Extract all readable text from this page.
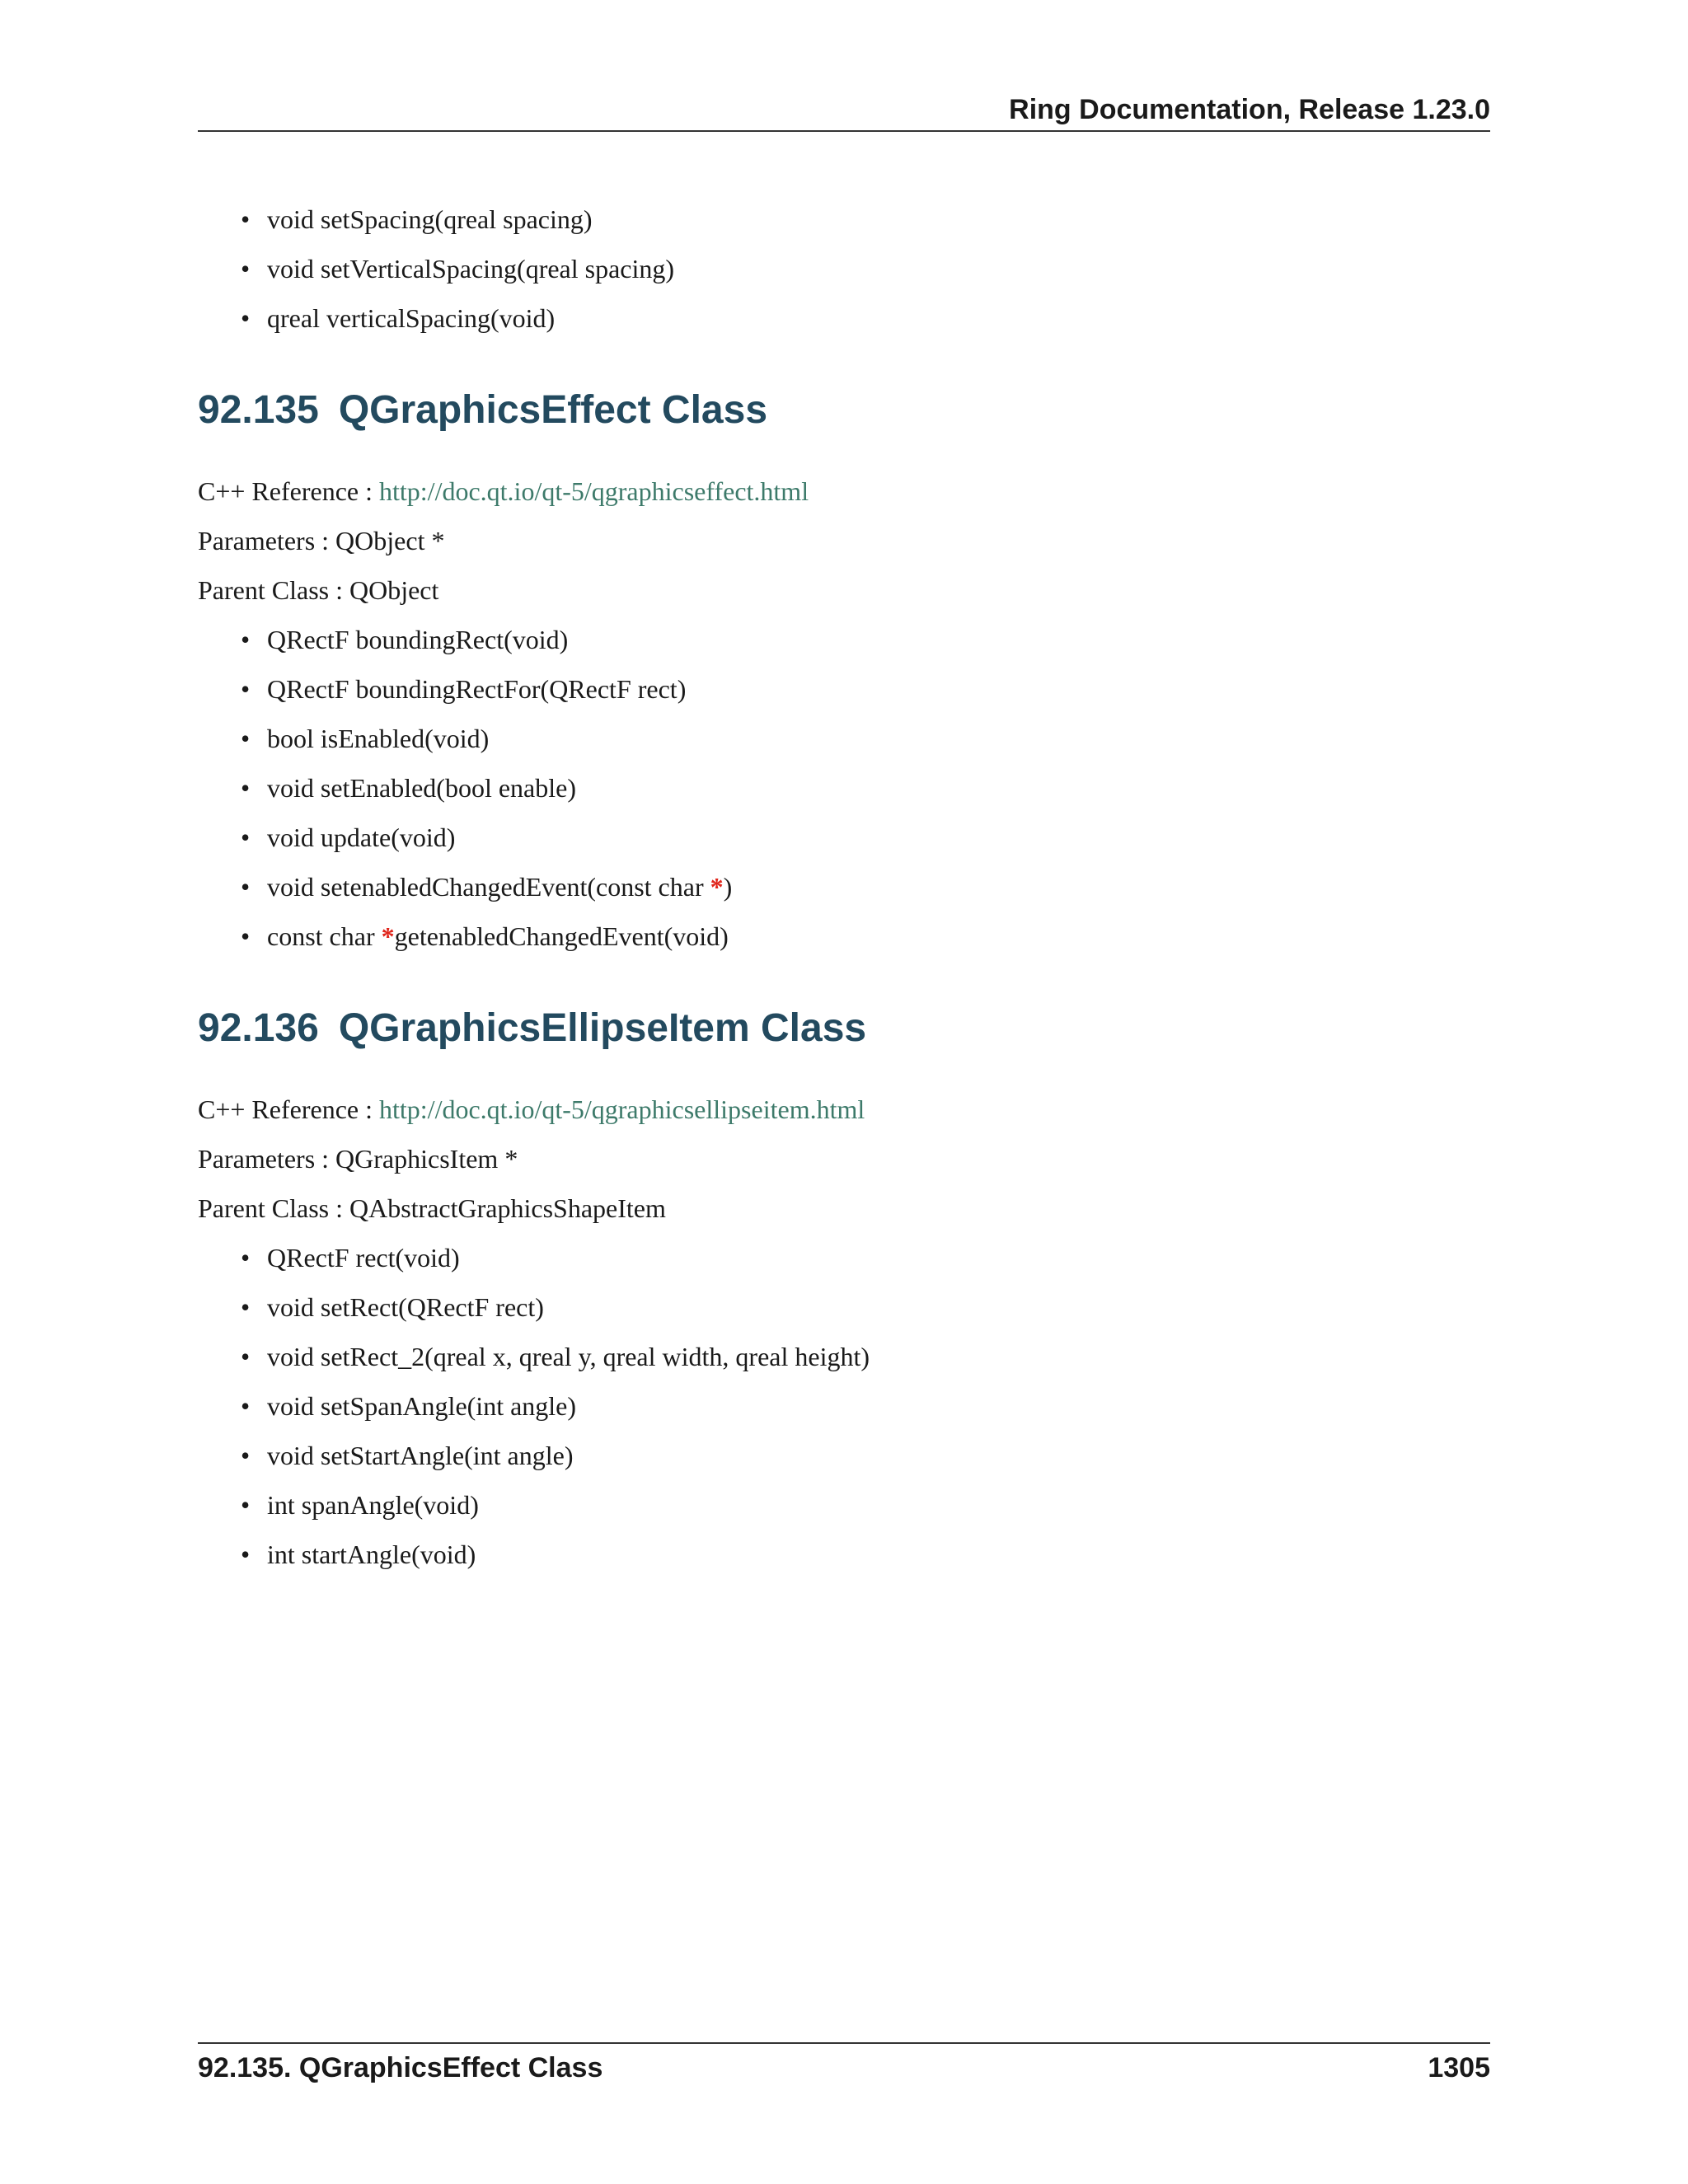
Ring Documentation, Release 1.23.0
• void setSpacing(qreal spacing)
• void setVerticalSpacing(qreal spacing)
• qreal verticalSpacing(void)
92.135 QGraphicsEffect Class
C++ Reference : http://doc.qt.io/qt-5/qgraphicseffect.html
Parameters : QObject *
Parent Class : QObject
• QRectF boundingRect(void)
• QRectF boundingRectFor(QRectF rect)
• bool isEnabled(void)
• void setEnabled(bool enable)
• void update(void)
• void setenabledChangedEvent(const char *)
• const char *getenabledChangedEvent(void)
92.136 QGraphicsEllipseItem Class
C++ Reference : http://doc.qt.io/qt-5/qgraphicsellipseitem.html
Parameters : QGraphicsItem *
Parent Class : QAbstractGraphicsShapeItem
• QRectF rect(void)
• void setRect(QRectF rect)
• void setRect_2(qreal x, qreal y, qreal width, qreal height)
• void setSpanAngle(int angle)
• void setStartAngle(int angle)
• int spanAngle(void)
• int startAngle(void)
92.135. QGraphicsEffect Class	1305
